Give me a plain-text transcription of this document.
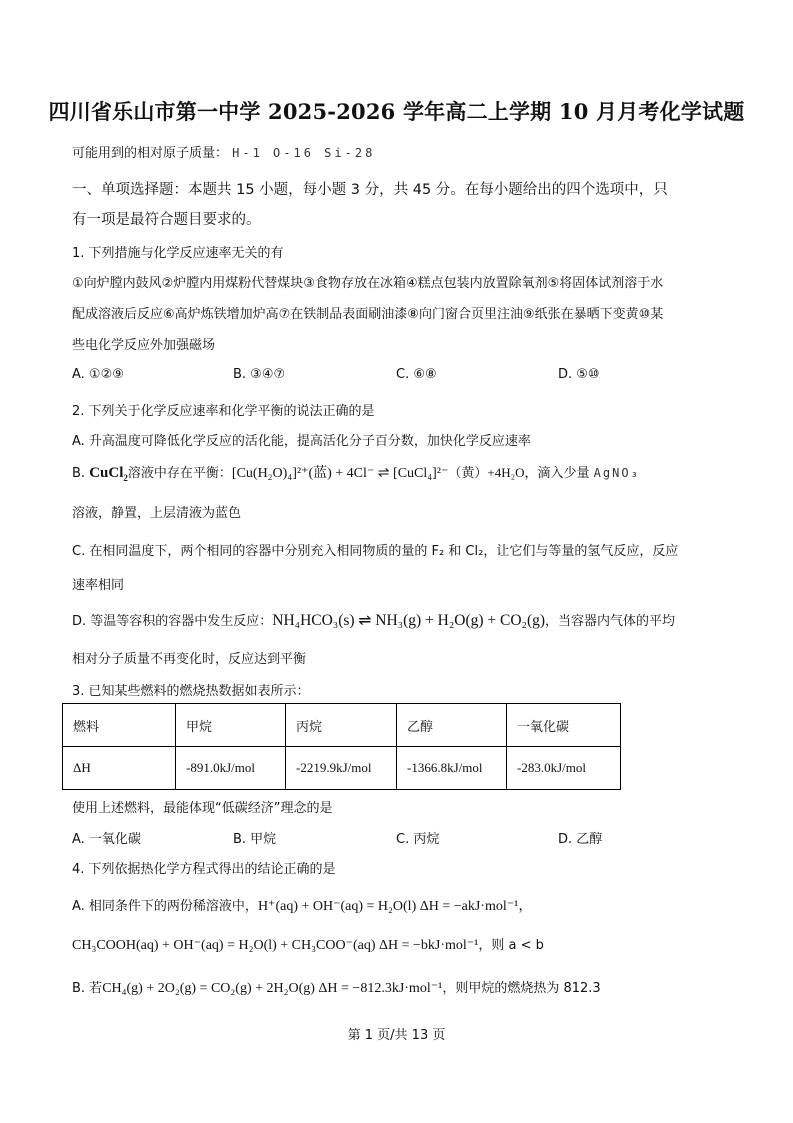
四川省乐山市第一中学 2025-2026 学年高二上学期 10 月月考化学试题
可能用到的相对原子质量： H-1 O-16 Si-28
一、单项选择题：本题共 15 小题，每小题 3 分，共 45 分。在每小题给出的四个选项中，只
有一项是最符合题目要求的。
1. 下列措施与化学反应速率无关的有
①向炉膛内鼓风②炉膛内用煤粉代替煤块③食物存放在冰箱④糕点包装内放置除氧剂⑤将固体试剂溶于水
配成溶液后反应⑥高炉炼铁增加炉高⑦在铁制品表面刷油漆⑧向门窗合页里注油⑨纸张在暴晒下变黄⑩某
些电化学反应外加强磁场
A. ①②⑨	B. ③④⑦	C. ⑥⑧	D. ⑤⑩
2. 下列关于化学反应速率和化学平衡的说法正确的是
A. 升高温度可降低化学反应的活化能，提高活化分子百分数，加快化学反应速率
B. CuCl$_2$溶液中存在平衡：[Cu(H₂O)₄]²⁺(蓝) + 4Cl⁻ ⇌ [CuCl₄]²⁻（黄）+4H₂O，滴入少量 AgNO₃
溶液，静置，上层清液为蓝色
C. 在相同温度下，两个相同的容器中分别充入相同物质的量的 F₂ 和 Cl₂，让它们与等量的氢气反应，反应
速率相同
D. 等温等容积的容器中发生反应：NH₄HCO₃(s) ⇌ NH₃(g) + H₂O(g) + CO₂(g)，当容器内气体的平均
相对分子质量不再变化时，反应达到平衡
3. 已知某些燃料的燃烧热数据如表所示：
燃料	甲烷	丙烷	乙醇	一氧化碳
ΔH	-891.0kJ/mol	-2219.9kJ/mol	-1366.8kJ/mol	-283.0kJ/mol
使用上述燃料，最能体现“低碳经济”理念的是
A. 一氧化碳	B. 甲烷	C. 丙烷	D. 乙醇
4. 下列依据热化学方程式得出的结论正确的是
A. 相同条件下的两份稀溶液中，H⁺(aq) + OH⁻(aq) = H₂O(l) ΔH = −akJ·mol⁻¹，
CH₃COOH(aq) + OH⁻(aq) = H₂O(l) + CH₃COO⁻(aq) ΔH = −bkJ·mol⁻¹，则 a < b
B. 若CH₄(g) + 2O₂(g) = CO₂(g) + 2H₂O(g) ΔH = −812.3kJ·mol⁻¹，则甲烷的燃烧热为 812.3
第 1 页/共 13 页
